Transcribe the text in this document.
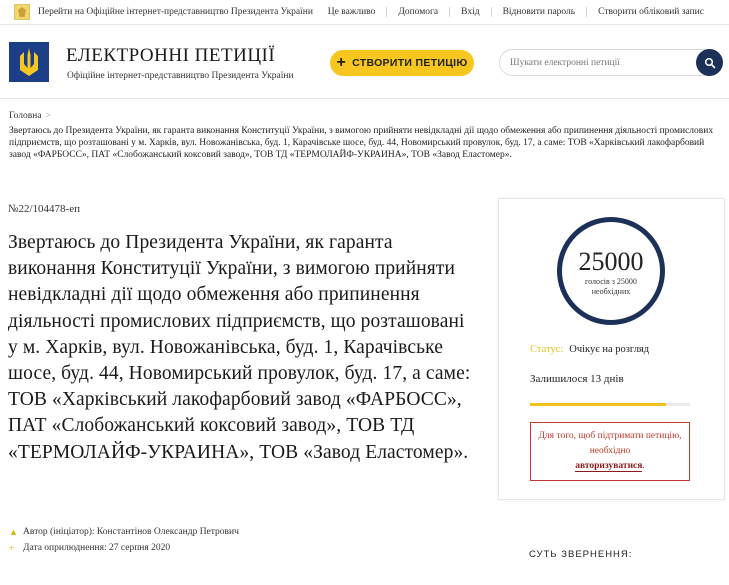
Перейти на Офіційне інтернет-представництво Президента України	Це важливо	Допомога	Вхід	Відновити пароль	Створити обліковий запис
ЕЛЕКТРОННІ ПЕТИЦІЇ
Офіційне інтернет-представництво Президента України
+ СТВОРИТИ ПЕТИЦІЮ
Шукати електронні петиції
Головна >
Звертаюсь до Президента України, як гаранта виконання Конституції України, з вимогою прийняти невідкладні дії щодо обмеження або припинення діяльності промислових підприємств, що розташовані у м. Харків, вул. Новожанівська, буд. 1, Карачівське шосе, буд. 44, Новомирський провулок, буд. 17, а саме: ТОВ «Харківський лакофарбовий завод «ФАРБОСС», ПАТ «Слобожанський коксовий завод», ТОВ ТД «ТЕРМОЛАЙФ-УКРАИНА», ТОВ «Завод Еластомер».
№22/104478-еп
Звертаюсь до Президента України, як гаранта виконання Конституції України, з вимогою прийняти невідкладні дії щодо обмеження або припинення діяльності промислових підприємств, що розташовані у м. Харків, вул. Новожанівська, буд. 1, Карачівське шосе, буд. 44, Новомирський провулок, буд. 17, а саме: ТОВ «Харківський лакофарбовий завод «ФАРБОСС», ПАТ «Слобожанський коксовий завод», ТОВ ТД «ТЕРМОЛАЙФ-УКРАИНА», ТОВ «Завод Еластомер».
▲ Автор (ініціатор): Константінов Олександр Петрович
+ Дата оприлюднення: 27 серпня 2020
25000
голосів з 25000 необхідних
Статус: Очікує на розгляд
Залишилося 13 днів
Для того, щоб підтримати петицію, необхідно
авторизуватися.
СУТЬ ЗВЕРНЕННЯ:
